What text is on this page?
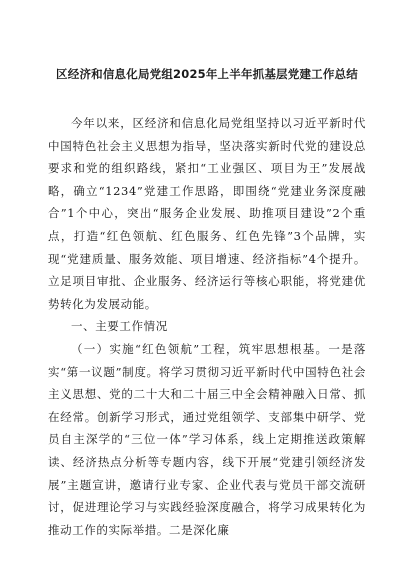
区经济和信息化局党组2025年上半年抓基层党建工作总结

今年以来，区经济和信息化局党组坚持以习近平新时代中国特色社会主义思想为指导，坚决落实新时代党的建设总要求和党的组织路线，紧扣“工业强区、项目为王”发展战略，确立“1234”党建工作思路，即围绕“党建业务深度融合”1个中心，突出“服务企业发展、助推项目建设”2个重点，打造“红色领航、红色服务、红色先锋”3个品牌，实现“党建质量、服务效能、项目增速、经济指标”4个提升。立足项目审批、企业服务、经济运行等核心职能，将党建优势转化为发展动能。

一、主要工作情况

（一）实施“红色领航”工程，筑牢思想根基。一是落实“第一议题”制度。将学习贯彻习近平新时代中国特色社会主义思想、党的二十大和二十届三中全会精神融入日常、抓在经常。创新学习形式，通过党组领学、支部集中研学、党员自主深学的“三位一体”学习体系，线上定期推送政策解读、经济热点分析等专题内容，线下开展“党建引领经济发展”主题宣讲，邀请行业专家、企业代表与党员干部交流研讨，促进理论学习与实践经验深度融合，将学习成果转化为推动工作的实际举措。二是深化廉
